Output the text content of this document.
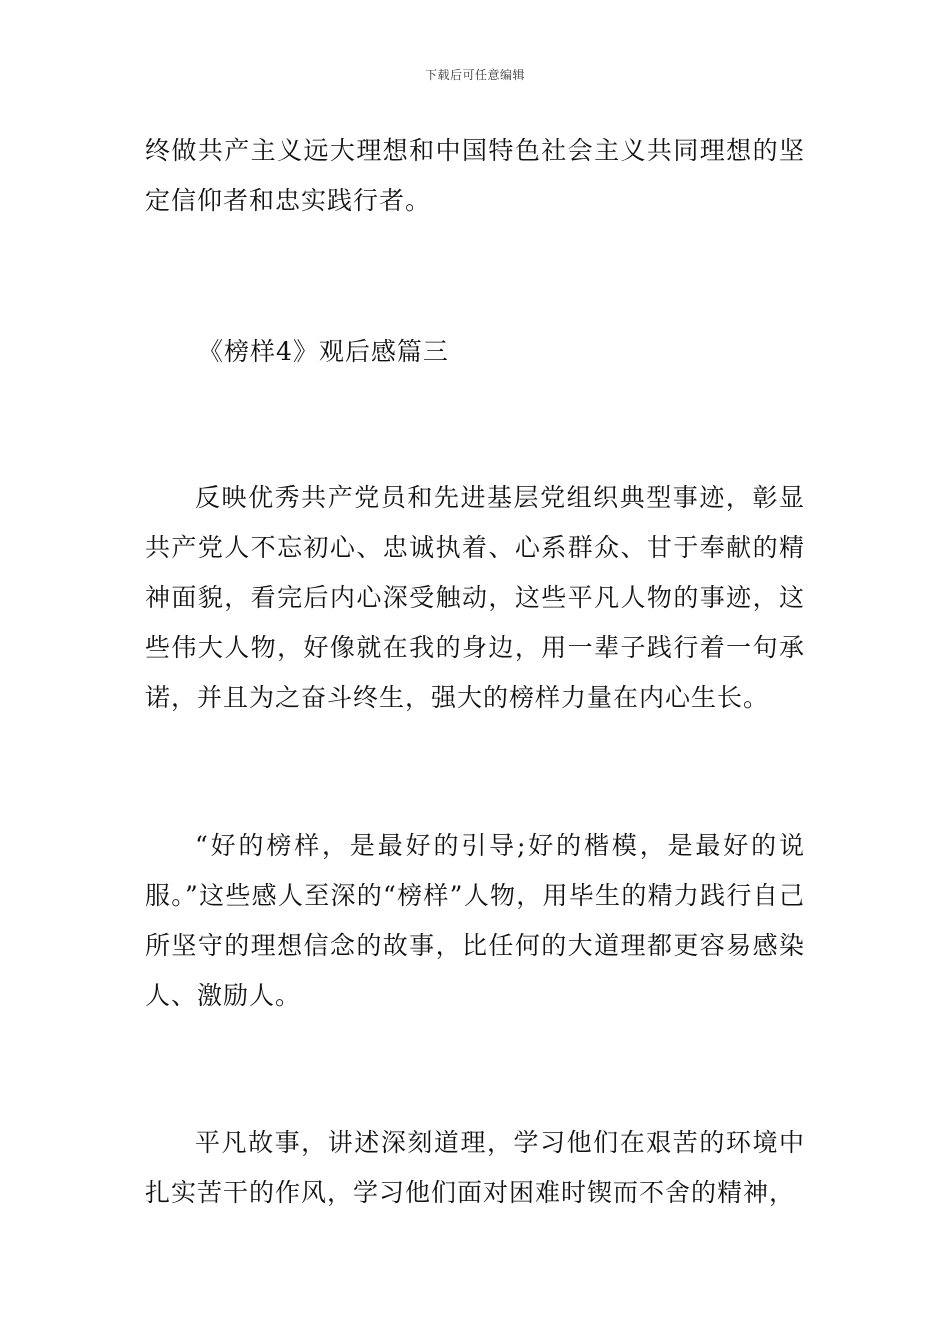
下载后可任意编辑

终做共产主义远大理想和中国特色社会主义共同理想的坚定信仰者和忠实践行者。

《榜样4》观后感篇三

反映优秀共产党员和先进基层党组织典型事迹，彰显共产党人不忘初心、忠诚执着、心系群众、甘于奉献的精神面貌，看完后内心深受触动，这些平凡人物的事迹，这些伟大人物，好像就在我的身边，用一辈子践行着一句承诺，并且为之奋斗终生，强大的榜样力量在内心生长。

“好的榜样，是最好的引导;好的楷模，是最好的说服。”这些感人至深的“榜样”人物，用毕生的精力践行自己所坚守的理想信念的故事，比任何的大道理都更容易感染人、激励人。

平凡故事，讲述深刻道理，学习他们在艰苦的环境中扎实苦干的作风，学习他们面对困难时锲而不舍的精神，
